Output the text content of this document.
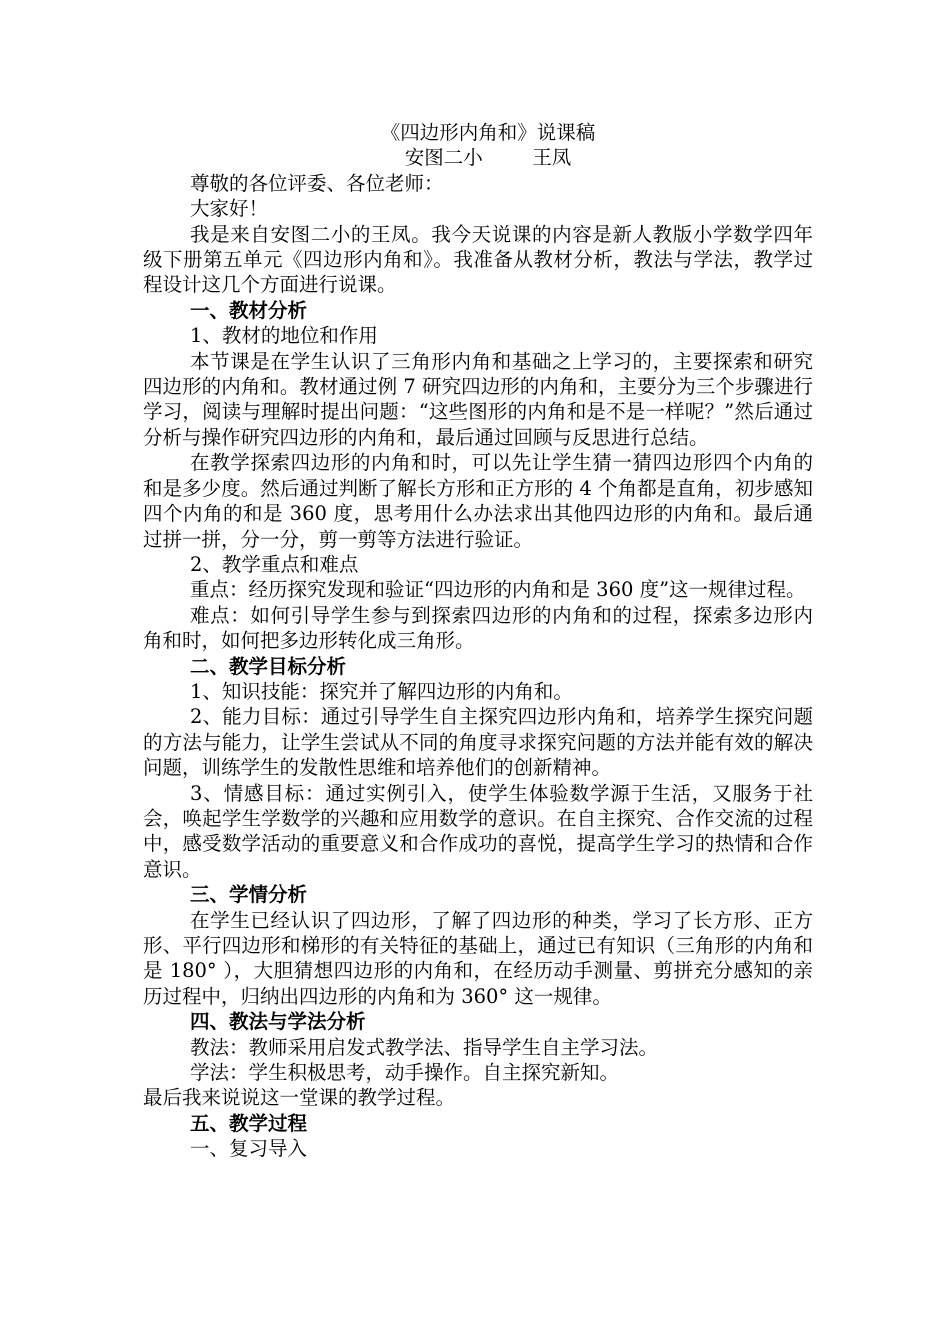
《四边形内角和》说课稿

安图二小        王凤

尊敬的各位评委、各位老师：

大家好！

我是来自安图二小的王凤。我今天说课的内容是新人教版小学数学四年级下册第五单元《四边形内角和》。我准备从教材分析，教法与学法，教学过程设计这几个方面进行说课。

一、教材分析

1、教材的地位和作用

本节课是在学生认识了三角形内角和基础之上学习的，主要探索和研究四边形的内角和。教材通过例 7 研究四边形的内角和，主要分为三个步骤进行学习，阅读与理解时提出问题：“这些图形的内角和是不是一样呢？”然后通过分析与操作研究四边形的内角和，最后通过回顾与反思进行总结。

在教学探索四边形的内角和时，可以先让学生猜一猜四边形四个内角的和是多少度。然后通过判断了解长方形和正方形的 4 个角都是直角，初步感知四个内角的和是 360 度，思考用什么办法求出其他四边形的内角和。最后通过拼一拼，分一分，剪一剪等方法进行验证。

2、教学重点和难点

重点：经历探究发现和验证“四边形的内角和是 360 度”这一规律过程。

难点：如何引导学生参与到探索四边形的内角和的过程，探索多边形内角和时，如何把多边形转化成三角形。

二、教学目标分析

1、知识技能：探究并了解四边形的内角和。

2、能力目标：通过引导学生自主探究四边形内角和，培养学生探究问题的方法与能力，让学生尝试从不同的角度寻求探究问题的方法并能有效的解决问题，训练学生的发散性思维和培养他们的创新精神。

3、情感目标：通过实例引入，使学生体验数学源于生活，又服务于社会，唤起学生学数学的兴趣和应用数学的意识。在自主探究、合作交流的过程中，感受数学活动的重要意义和合作成功的喜悦，提高学生学习的热情和合作意识。

三、学情分析

在学生已经认识了四边形，了解了四边形的种类，学习了长方形、正方形、平行四边形和梯形的有关特征的基础上，通过已有知识（三角形的内角和是 180° ），大胆猜想四边形的内角和，在经历动手测量、剪拼充分感知的亲历过程中，归纳出四边形的内角和为 360° 这一规律。

四、教法与学法分析

教法：教师采用启发式教学法、指导学生自主学习法。

学法：学生积极思考，动手操作。自主探究新知。

最后我来说说这一堂课的教学过程。

五、教学过程

一、复习导入
